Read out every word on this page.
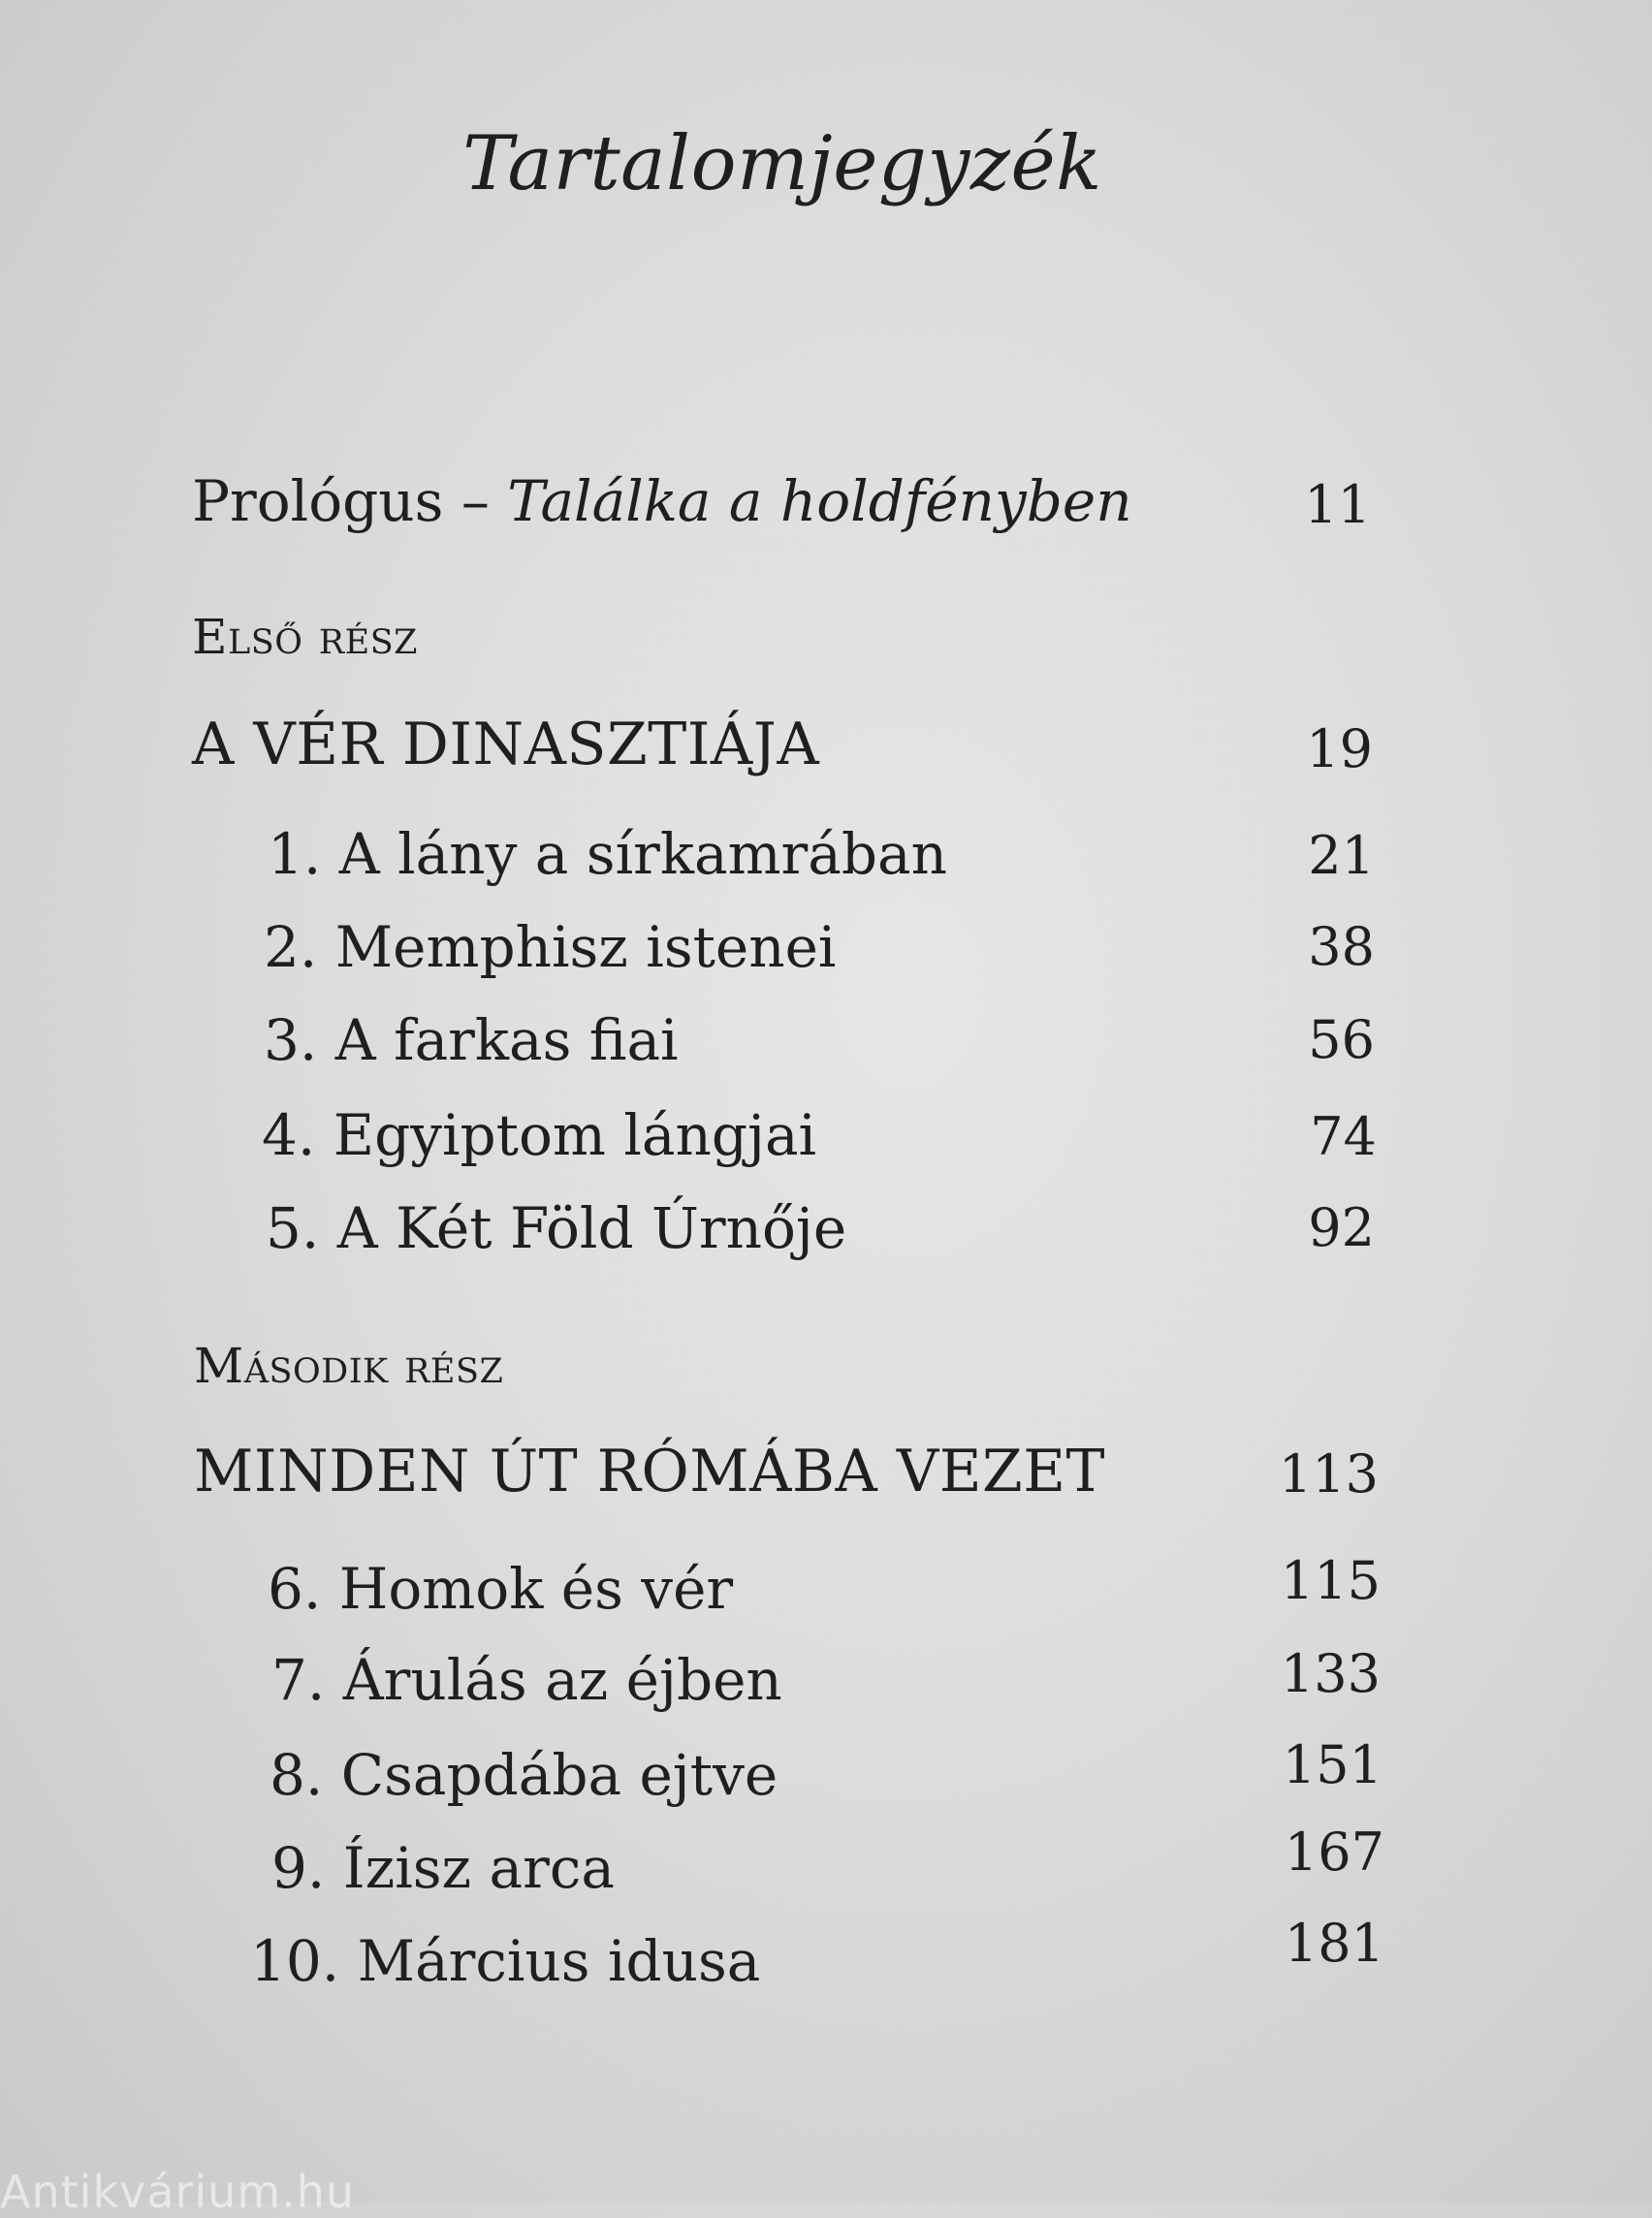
Tartalomjegyzék
Prológus – Találka a holdfényben	11
Első rész
A VÉR DINASZTIÁJA	19
1. A lány a sírkamrában	21
2. Memphisz istenei	38
3. A farkas fiai	56
4. Egyiptom lángjai	74
5. A Két Föld Úrnője	92
Második rész
MINDEN ÚT RÓMÁBA VEZET	113
6. Homok és vér	115
7. Árulás az éjben	133
8. Csapdába ejtve	151
9. Ízisz arca	167
10. Március idusa	181
Antikvárium.hu
